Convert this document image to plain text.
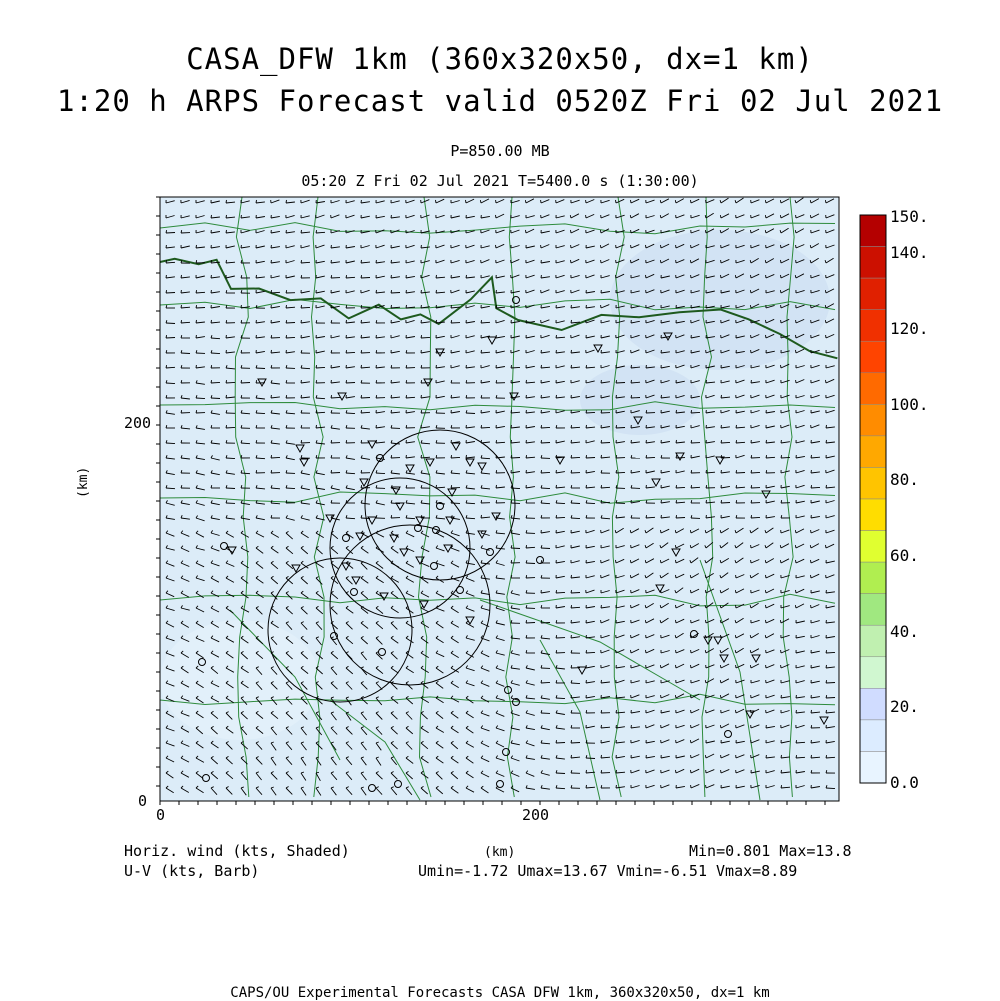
CASA_DFW 1km (360x320x50, dx=1 km)
1:20 h ARPS Forecast valid 0520Z Fri 02 Jul 2021
P=850.00 MB
05:20 Z Fri 02 Jul 2021 T=5400.0 s (1:30:00)
150.
140.
120.
100.
80.
60.
40.
20.
0.0
200
0
0	200
(km)
Horiz. wind (kts, Shaded)
U-V (kts, Barb)
(km)	Min=0.801 Max=13.8
Umin=-1.72 Umax=13.67 Vmin=-6.51 Vmax=8.89
CAPS/OU Experimental Forecasts CASA DFW 1km, 360x320x50, dx=1 km
